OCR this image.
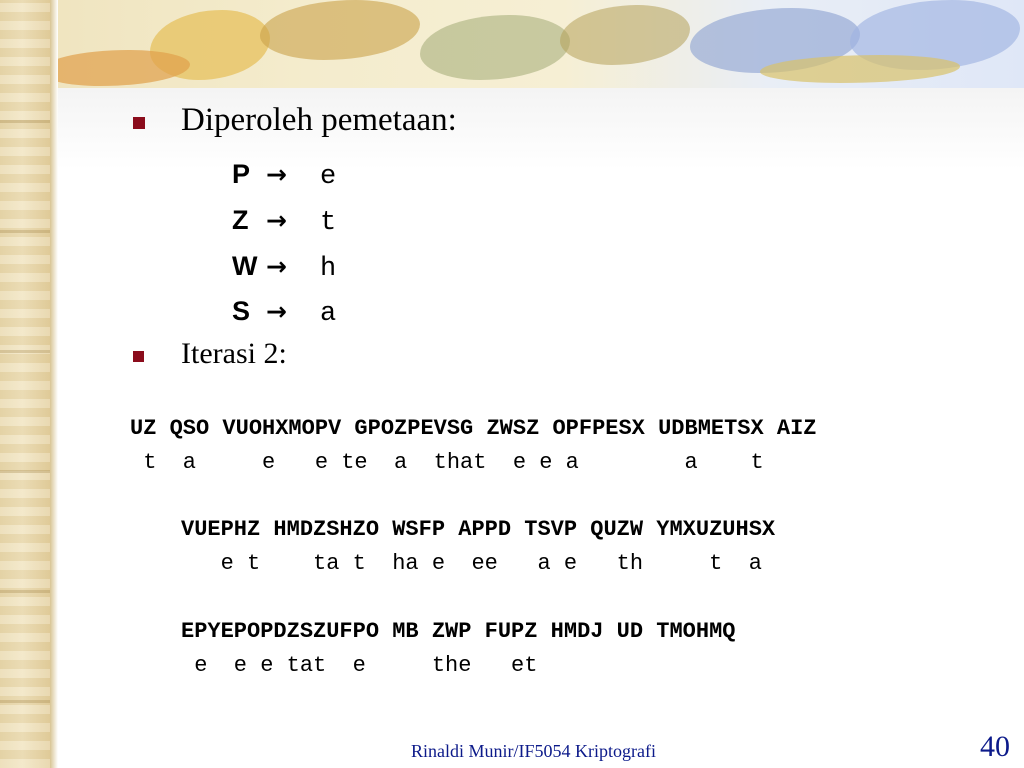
Diperoleh pemetaan:
P → e
Z → t
W → h
S → a
Iterasi 2:
UZ QSO VUOHXMOPV GPOZPEVSG ZWSZ OPFPESX UDBMETSX AIZ
t  a     e   e te  a  that  e e a        a    t
VUEPHZ HMDZSHZO WSFP APPD TSVP QUZW YMXUZUHSX
e t    ta t  ha e  ee   a e   th     t  a
EPYEPOPDZSZUFPO MB ZWP FUPZ HMDJ UD TMOHMQ
e  e e tat  e     the   et
Rinaldi Munir/IF5054 Kriptografi	40
